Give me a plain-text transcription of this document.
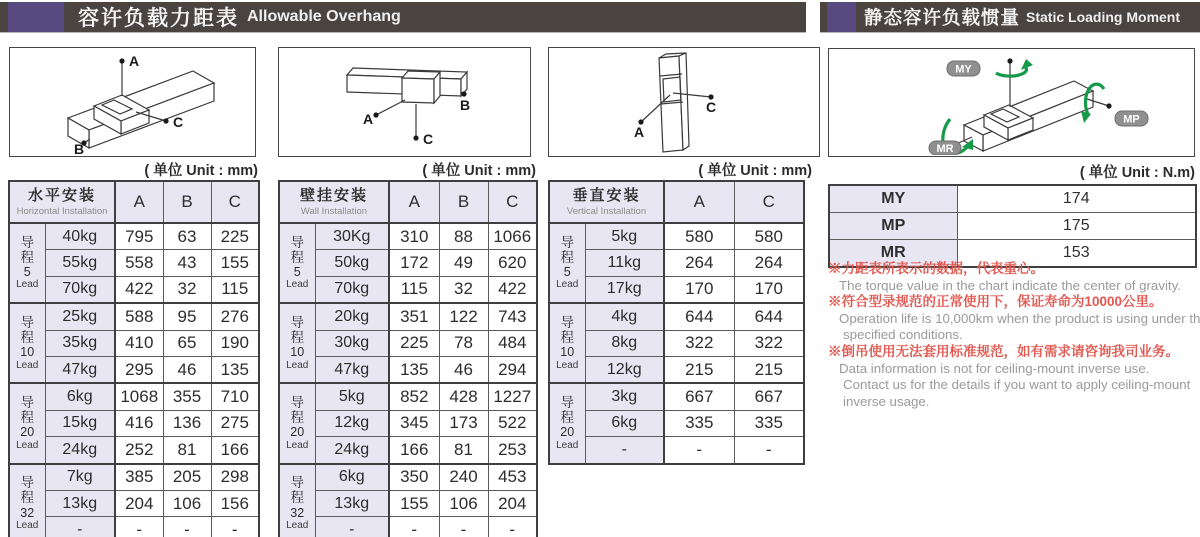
容许负载力距表 Allowable Overhang	静态容许负载惯量 Static Loading Moment
A
B
C
( 单位 Unit : mm)
A
B
C
( 单位 Unit : mm)
A
C
( 单位 Unit : mm)
MY
MP
MR
( 单位 Unit : N.m)
水平安装
Horizontal Installation		A	B	C

导程
5
Lead	40kg	795	63	225
	55kg	558	43	155
	70kg	422	32	115

导程
10
Lead	25kg	588	95	276
	35kg	410	65	190
	47kg	295	46	135

导程
20
Lead	6kg	1068	355	710
	15kg	416	136	275
	24kg	252	81	166

导程
32
Lead	7kg	385	205	298
	13kg	204	106	156
	-	-	-	-
壁挂安装
Wall Installation		A	B	C

导程
5
Lead	30Kg	310	88	1066
	50kg	172	49	620
	70kg	115	32	422

导程
10
Lead	20kg	351	122	743
	30kg	225	78	484
	47kg	135	46	294

导程
20
Lead	5kg	852	428	1227
	12kg	345	173	522
	24kg	166	81	253

导程
32
Lead	6kg	350	240	453
	13kg	155	106	204
	-	-	-	-
垂直安装
Vertical Installation		A	C

导程
5
Lead	5kg	580	580
	11kg	264	264
	17kg	170	170

导程
10
Lead	4kg	644	644
	8kg	322	322
	12kg	215	215

导程
20
Lead	3kg	667	667
	6kg	335	335
	-	-	-
MY	174
MP	175
MR	153
※力距表所表示的数据，代表重心。
The torque value in the chart indicate the center of gravity.
※符合型录规范的正常使用下，保证寿命为10000公里。
Operation life is 10,000km when the product is using under th
specified conditions.
※倒吊使用无法套用标准规范，如有需求请咨询我司业务。
Data information is not for ceiling-mount inverse use.
Contact us for the details if you want to apply ceiling-mount
inverse usage.
